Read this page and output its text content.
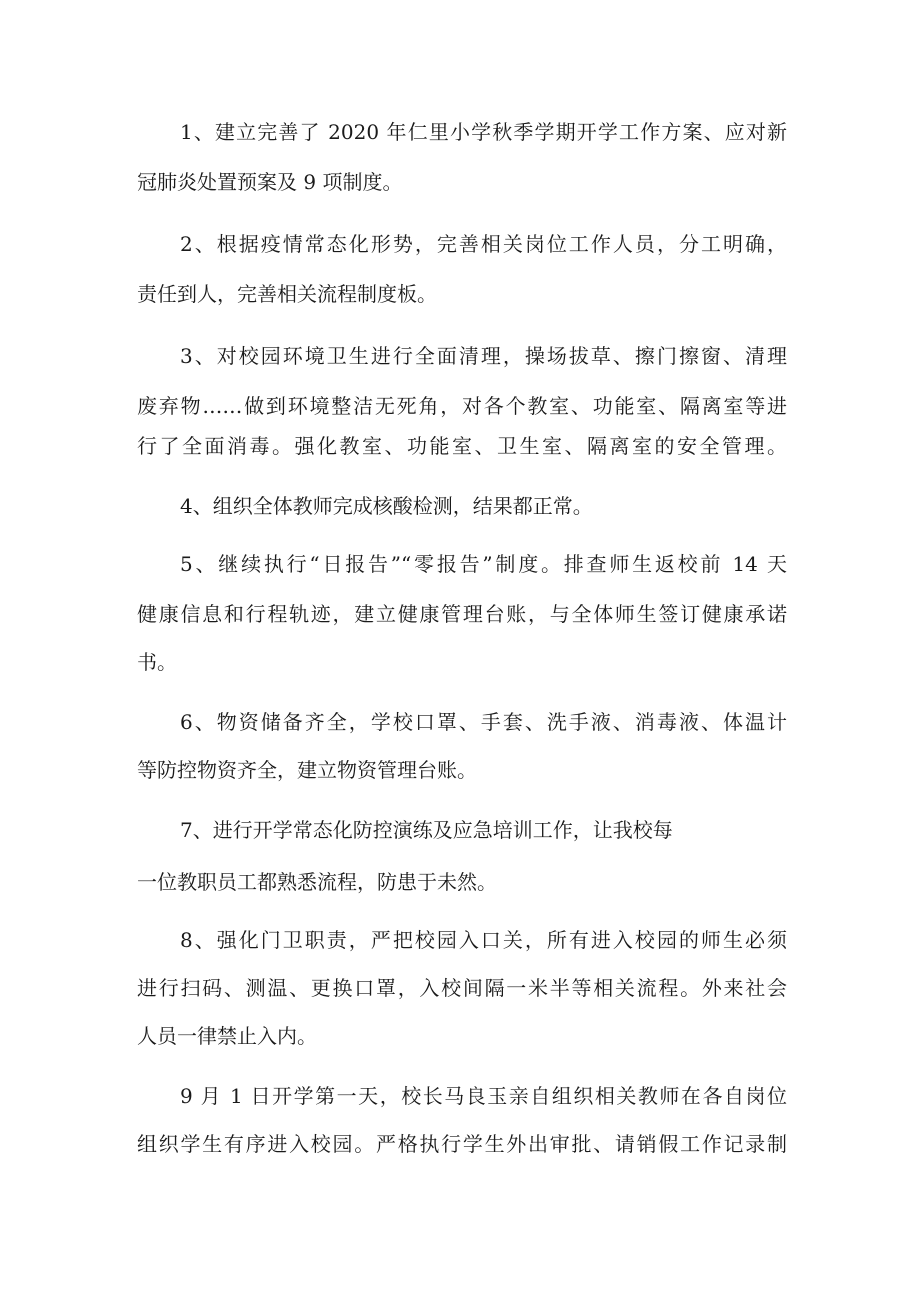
1、建立完善了 2020 年仁里小学秋季学期开学工作方案、应对新
冠肺炎处置预案及 9 项制度。
2、根据疫情常态化形势，完善相关岗位工作人员，分工明确，
责任到人，完善相关流程制度板。
3、对校园环境卫生进行全面清理，操场拔草、擦门擦窗、清理
废弃物……做到环境整洁无死角，对各个教室、功能室、隔离室等进
行了全面消毒。强化教室、功能室、卫生室、隔离室的安全管理。
4、组织全体教师完成核酸检测，结果都正常。
5、继续执行“日报告”“零报告”制度。排查师生返校前 14 天
健康信息和行程轨迹，建立健康管理台账，与全体师生签订健康承诺
书。
6、物资储备齐全，学校口罩、手套、洗手液、消毒液、体温计
等防控物资齐全，建立物资管理台账。
7、进行开学常态化防控演练及应急培训工作，让我校每
一位教职员工都熟悉流程，防患于未然。
8、强化门卫职责，严把校园入口关，所有进入校园的师生必须
进行扫码、测温、更换口罩，入校间隔一米半等相关流程。外来社会
人员一律禁止入内。
9 月 1 日开学第一天，校长马良玉亲自组织相关教师在各自岗位
组织学生有序进入校园。严格执行学生外出审批、请销假工作记录制
